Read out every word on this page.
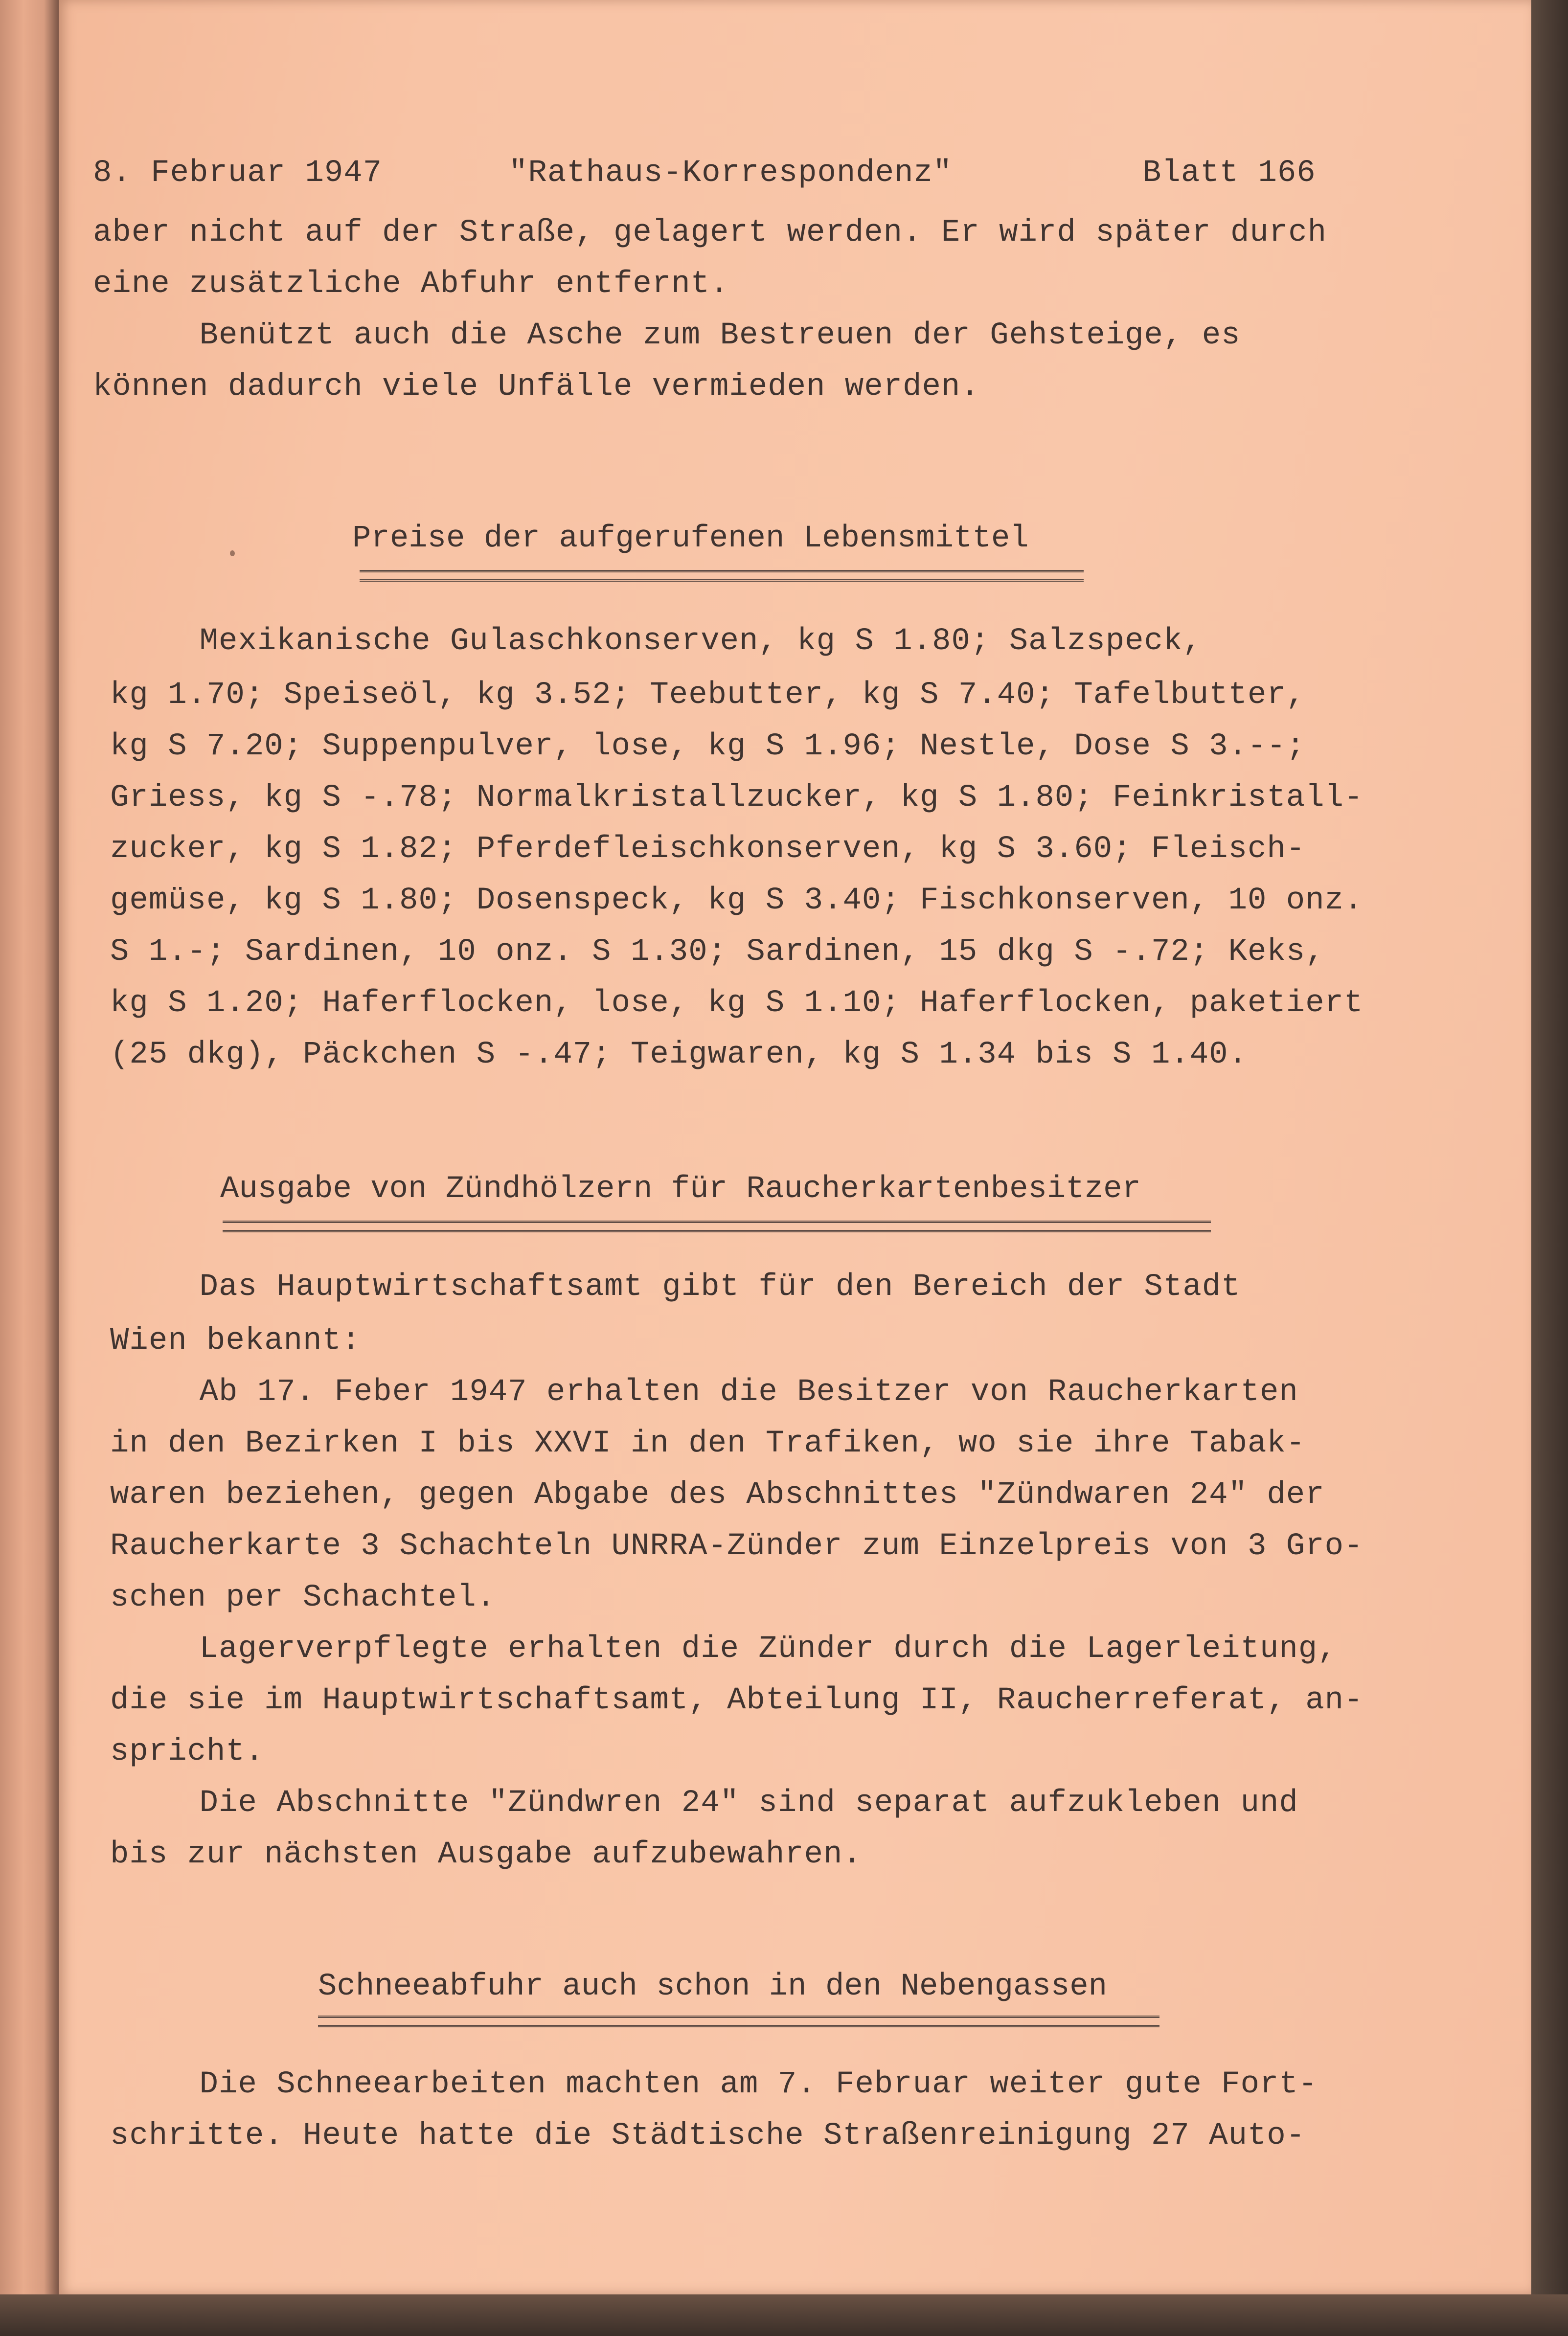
8. Februar 1947	"Rathaus-Korrespondenz"	Blatt 166
aber nicht auf der Straße, gelagert werden. Er wird später durch
eine zusätzliche Abfuhr entfernt.
Benützt auch die Asche zum Bestreuen der Gehsteige, es
können dadurch viele Unfälle vermieden werden.
Preise der aufgerufenen Lebensmittel
Mexikanische Gulaschkonserven, kg S 1.80; Salzspeck,
kg 1.70; Speiseöl, kg 3.52; Teebutter, kg S 7.40; Tafelbutter,
kg S 7.20; Suppenpulver, lose, kg S 1.96; Nestle, Dose S 3.--;
Griess, kg S -.78; Normalkristallzucker, kg S 1.80; Feinkristall-
zucker, kg S 1.82; Pferdefleischkonserven, kg S 3.60; Fleisch-
gemüse, kg S 1.80; Dosenspeck, kg S 3.40; Fischkonserven, 10 onz.
S 1.-; Sardinen, 10 onz. S 1.30; Sardinen, 15 dkg S -.72; Keks,
kg S 1.20; Haferflocken, lose, kg S 1.10; Haferflocken, paketiert
(25 dkg), Päckchen S -.47; Teigwaren, kg S 1.34 bis S 1.40.
Ausgabe von Zündhölzern für Raucherkartenbesitzer
Das Hauptwirtschaftsamt gibt für den Bereich der Stadt
Wien bekannt:
Ab 17. Feber 1947 erhalten die Besitzer von Raucherkarten
in den Bezirken I bis XXVI in den Trafiken, wo sie ihre Tabak-
waren beziehen, gegen Abgabe des Abschnittes "Zündwaren 24" der
Raucherkarte 3 Schachteln UNRRA-Zünder zum Einzelpreis von 3 Gro-
schen per Schachtel.
Lagerverpflegte erhalten die Zünder durch die Lagerleitung,
die sie im Hauptwirtschaftsamt, Abteilung II, Raucherreferat, an-
spricht.
Die Abschnitte "Zündwren 24" sind separat aufzukleben und
bis zur nächsten Ausgabe aufzubewahren.
Schneeabfuhr auch schon in den Nebengassen
Die Schneearbeiten machten am 7. Februar weiter gute Fort-
schritte. Heute hatte die Städtische Straßenreinigung 27 Auto-
